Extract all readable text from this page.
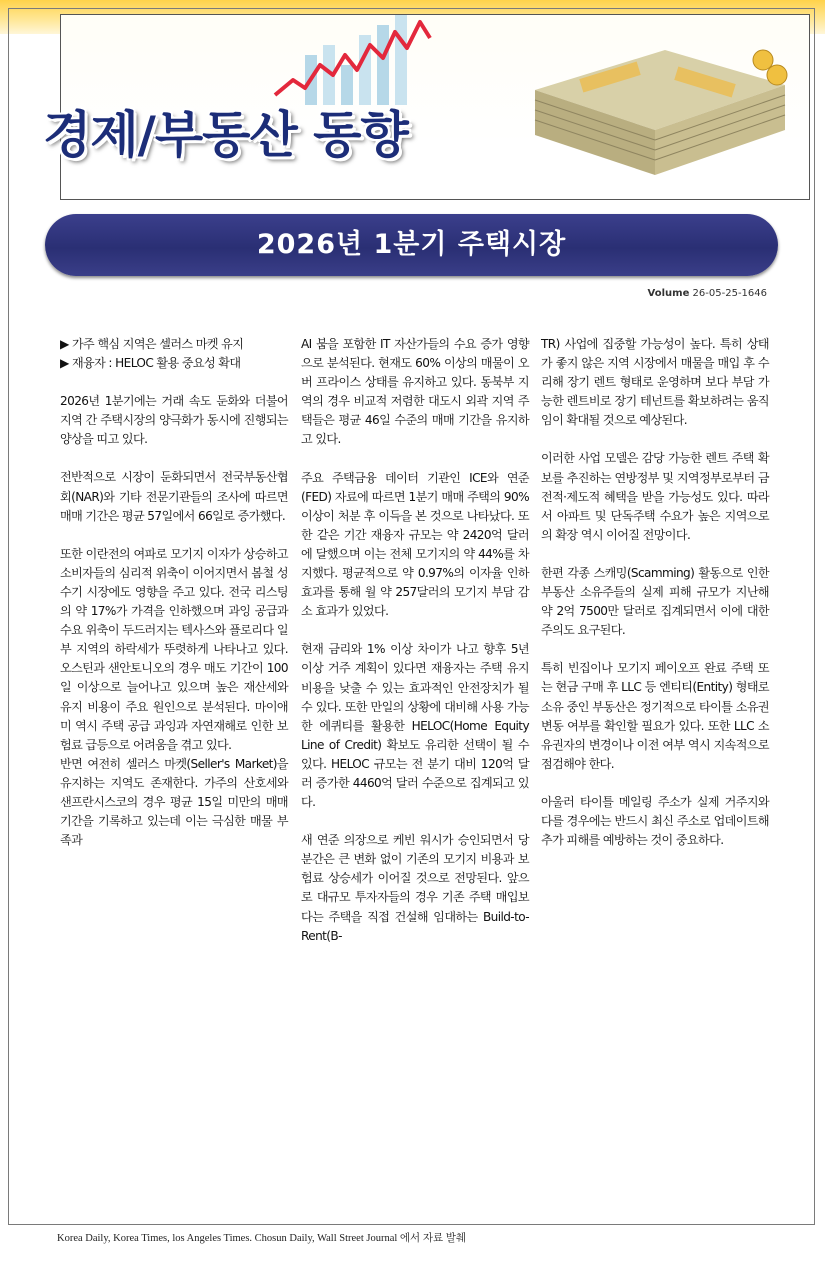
경제/부동산 동향
2026년 1분기 주택시장
Volume 26-05-25-1646

▶ 가주 핵심 지역은 셀러스 마켓 유지

▶ 재융자 : HELOC 활용 중요성 확대

2026년 1분기에는 거래 속도 둔화와 더불어 지역 간 주택시장의 양극화가 동시에 진행되는 양상을 띠고 있다.

전반적으로 시장이 둔화되면서 전국부동산협회(NAR)와 기타 전문기관들의 조사에 따르면 매매 기간은 평균 57일에서 66일로 증가했다.

또한 이란전의 여파로 모기지 이자가 상승하고 소비자들의 심리적 위축이 이어지면서 봄철 성수기 시장에도 영향을 주고 있다. 전국 리스팅의 약 17%가 가격을 인하했으며 과잉 공급과 수요 위축이 두드러지는 텍사스와 플로리다 일부 지역의 하락세가 뚜렷하게 나타나고 있다. 오스틴과 샌안토니오의 경우 매도 기간이 100일 이상으로 늘어나고 있으며 높은 재산세와 유지 비용이 주요 원인으로 분석된다. 마이애미 역시 주택 공급 과잉과 자연재해로 인한 보험료 급등으로 어려움을 겪고 있다.

반면 여전히 셀러스 마켓(Seller's Market)을 유지하는 지역도 존재한다. 가주의 산호세와 샌프란시스코의 경우 평균 15일 미만의 매매 기간을 기록하고 있는데 이는 극심한 매물 부족과

AI 붐을 포함한 IT 자산가들의 수요 증가 영향으로 분석된다. 현재도 60% 이상의 매물이 오버 프라이스 상태를 유지하고 있다. 동북부 지역의 경우 비교적 저렴한 대도시 외곽 지역 주택들은 평균 46일 수준의 매매 기간을 유지하고 있다.

주요 주택금융 데이터 기관인 ICE와 연준(FED) 자료에 따르면 1분기 매매 주택의 90% 이상이 처분 후 이득을 본 것으로 나타났다. 또한 같은 기간 재융자 규모는 약 2420억 달러에 달했으며 이는 전체 모기지의 약 44%를 차지했다. 평균적으로 약 0.97%의 이자율 인하 효과를 통해 월 약 257달러의 모기지 부담 감소 효과가 있었다.

현재 금리와 1% 이상 차이가 나고 향후 5년 이상 거주 계획이 있다면 재융자는 주택 유지 비용을 낮출 수 있는 효과적인 안전장치가 될 수 있다. 또한 만일의 상황에 대비해 사용 가능한 에퀴티를 활용한 HELOC(Home Equity Line of Credit) 확보도 유리한 선택이 될 수 있다. HELOC 규모는 전 분기 대비 120억 달러 증가한 4460억 달러 수준으로 집계되고 있다.

새 연준 의장으로 케빈 워시가 승인되면서 당분간은 큰 변화 없이 기존의 모기지 비용과 보험료 상승세가 이어질 것으로 전망된다. 앞으로 대규모 투자자들의 경우 기존 주택 매입보다는 주택을 직접 건설해 임대하는 Build-to-Rent(B-

TR) 사업에 집중할 가능성이 높다. 특히 상태가 좋지 않은 지역 시장에서 매물을 매입 후 수리해 장기 렌트 형태로 운영하며 보다 부담 가능한 렌트비로 장기 테넌트를 확보하려는 움직임이 확대될 것으로 예상된다.

이러한 사업 모델은 감당 가능한 렌트 주택 확보를 추진하는 연방정부 및 지역정부로부터 금전적·제도적 혜택을 받을 가능성도 있다. 따라서 아파트 및 단독주택 수요가 높은 지역으로의 확장 역시 이어질 전망이다.

한편 각종 스캐밍(Scamming) 활동으로 인한 부동산 소유주들의 실제 피해 규모가 지난해 약 2억 7500만 달러로 집계되면서 이에 대한 주의도 요구된다.

특히 빈집이나 모기지 페이오프 완료 주택 또는 현금 구매 후 LLC 등 엔티티(Entity) 형태로 소유 중인 부동산은 정기적으로 타이틀 소유권 변동 여부를 확인할 필요가 있다. 또한 LLC 소유권자의 변경이나 이전 여부 역시 지속적으로 점검해야 한다.

아울러 타이틀 메일링 주소가 실제 거주지와 다를 경우에는 반드시 최신 주소로 업데이트해 추가 피해를 예방하는 것이 중요하다.

Korea Daily, Korea Times, los Angeles Times. Chosun Daily, Wall Street Journal 에서 자료 발췌
